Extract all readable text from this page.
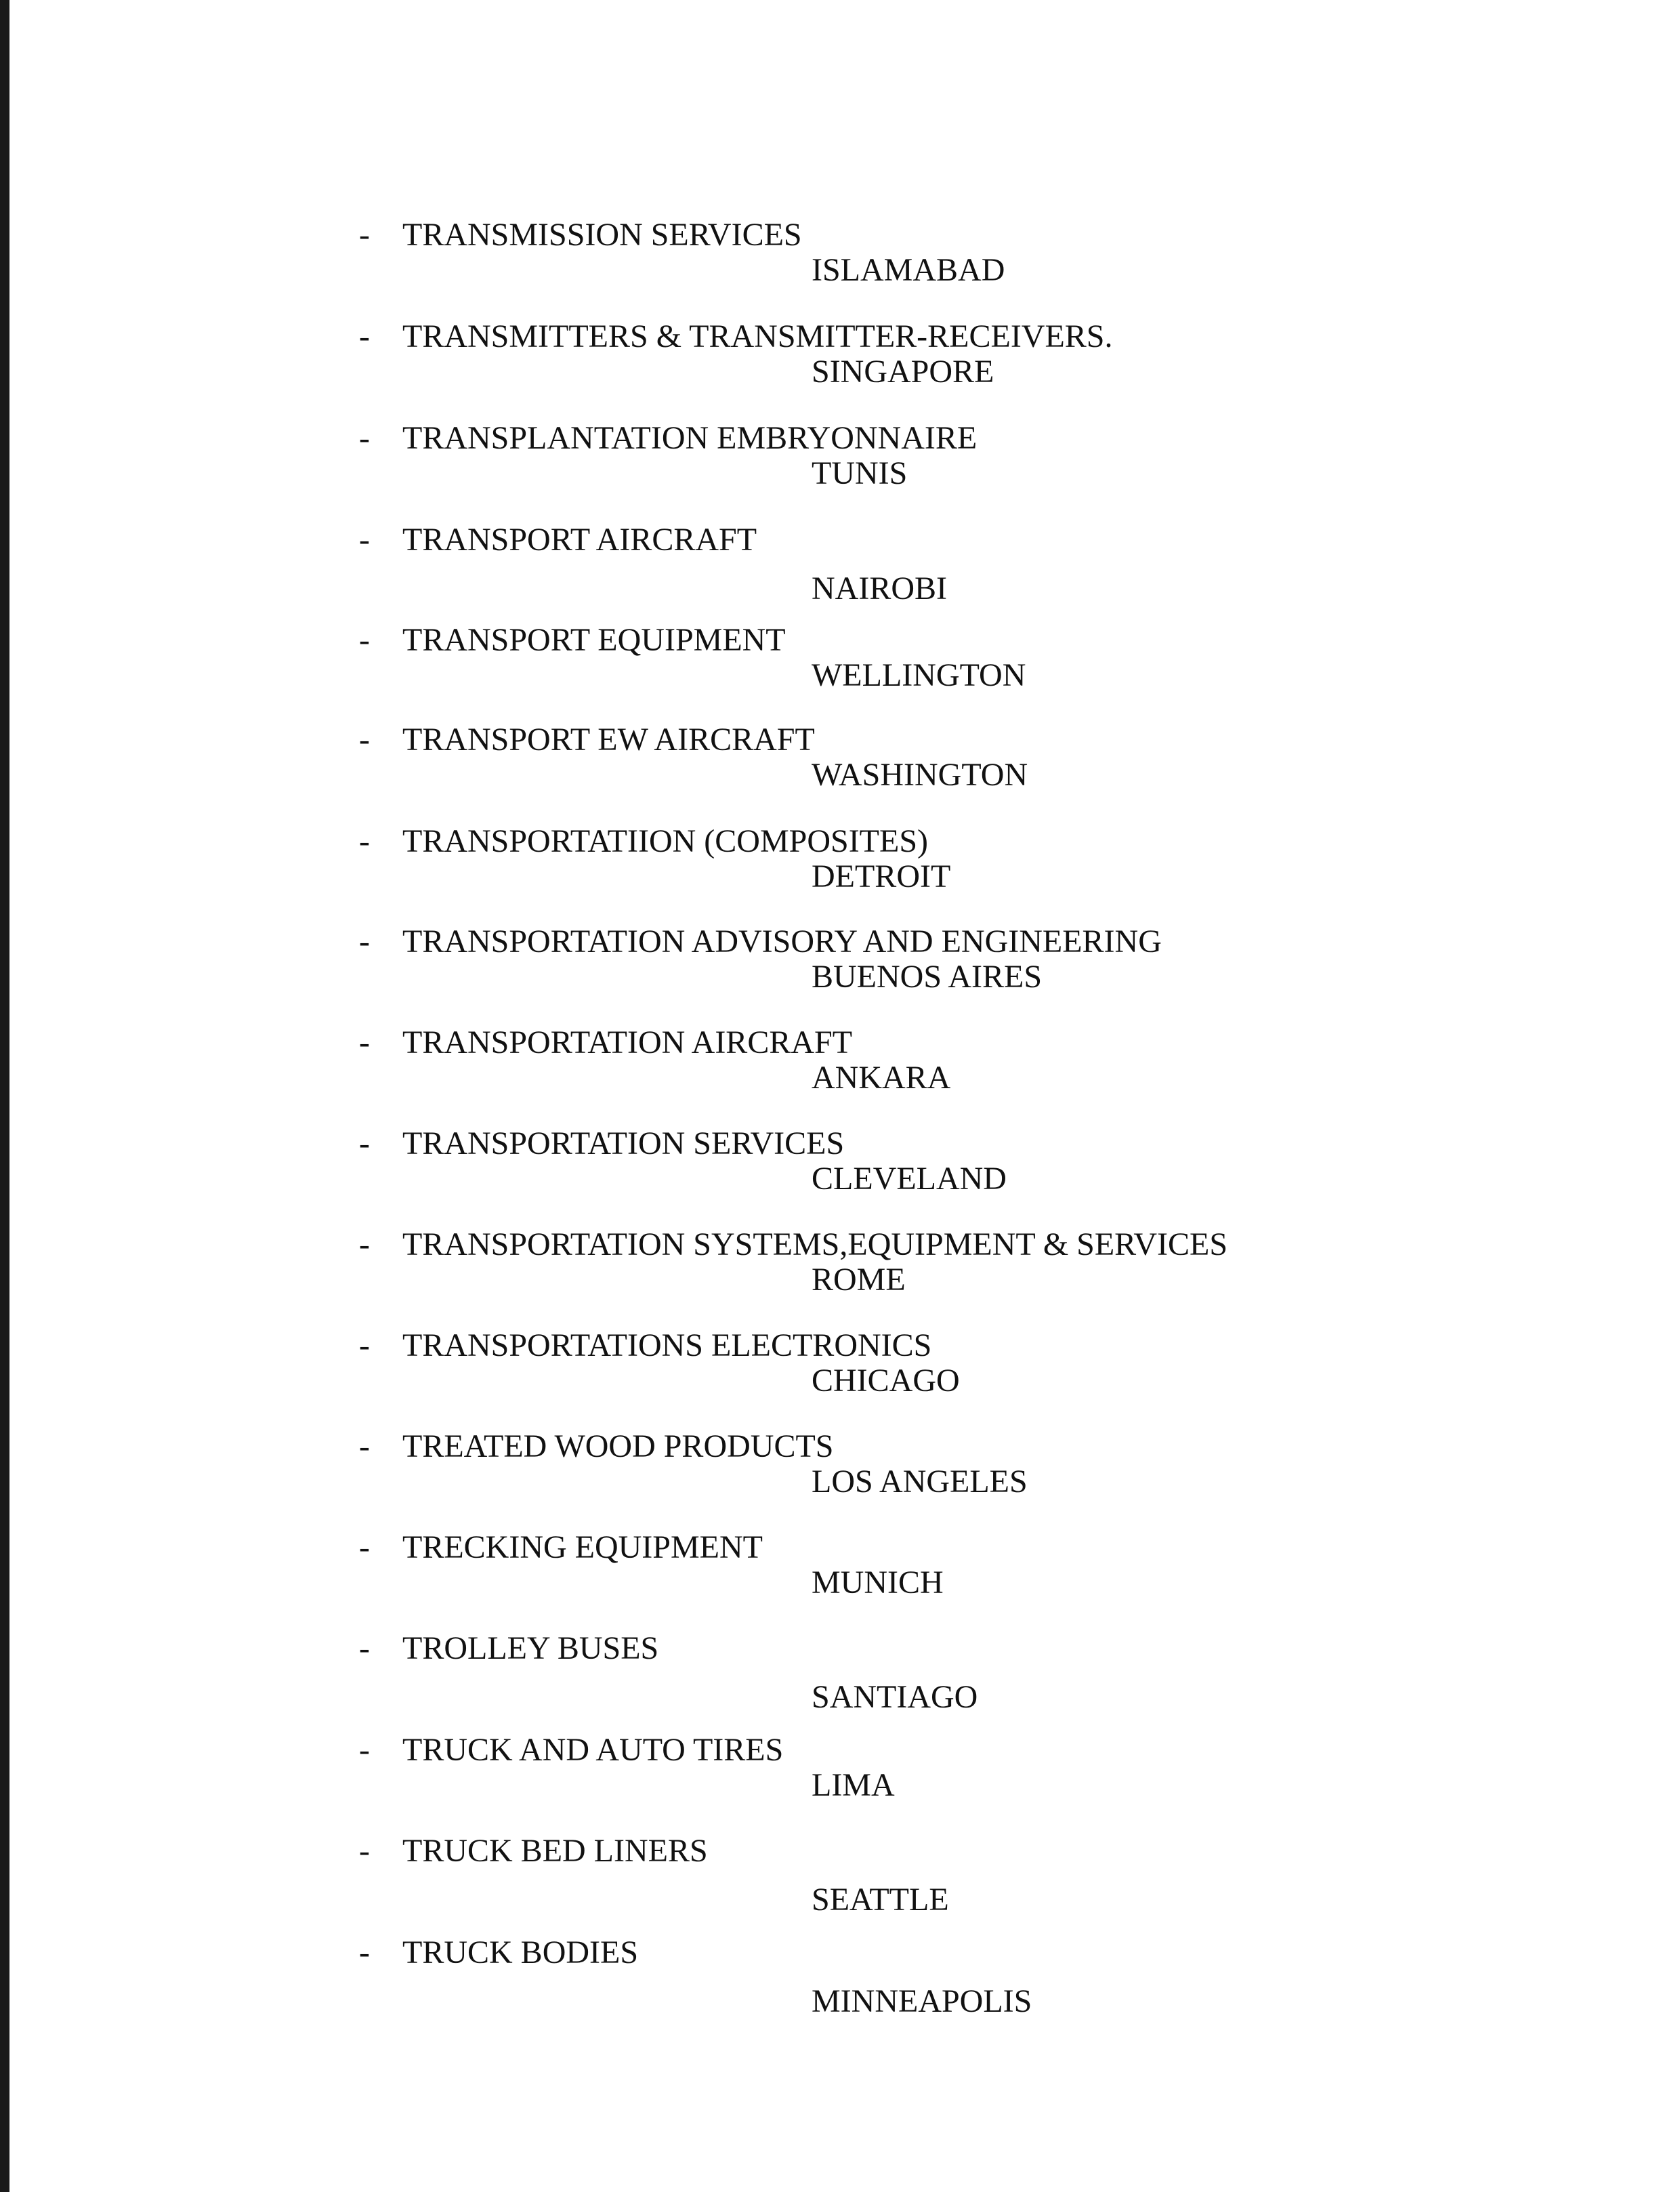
- TRANSMISSION SERVICES
ISLAMABAD
- TRANSMITTERS & TRANSMITTER-RECEIVERS.
SINGAPORE
- TRANSPLANTATION EMBRYONNAIRE
TUNIS
- TRANSPORT AIRCRAFT
NAIROBI
- TRANSPORT EQUIPMENT
WELLINGTON
- TRANSPORT EW AIRCRAFT
WASHINGTON
- TRANSPORTATIION (COMPOSITES)
DETROIT
- TRANSPORTATION ADVISORY AND ENGINEERING
BUENOS AIRES
- TRANSPORTATION AIRCRAFT
ANKARA
- TRANSPORTATION SERVICES
CLEVELAND
- TRANSPORTATION SYSTEMS,EQUIPMENT & SERVICES
ROME
- TRANSPORTATIONS ELECTRONICS
CHICAGO
- TREATED WOOD PRODUCTS
LOS ANGELES
- TRECKING EQUIPMENT
MUNICH
- TROLLEY BUSES
SANTIAGO
- TRUCK AND AUTO TIRES
LIMA
- TRUCK BED LINERS
SEATTLE
- TRUCK BODIES
MINNEAPOLIS
